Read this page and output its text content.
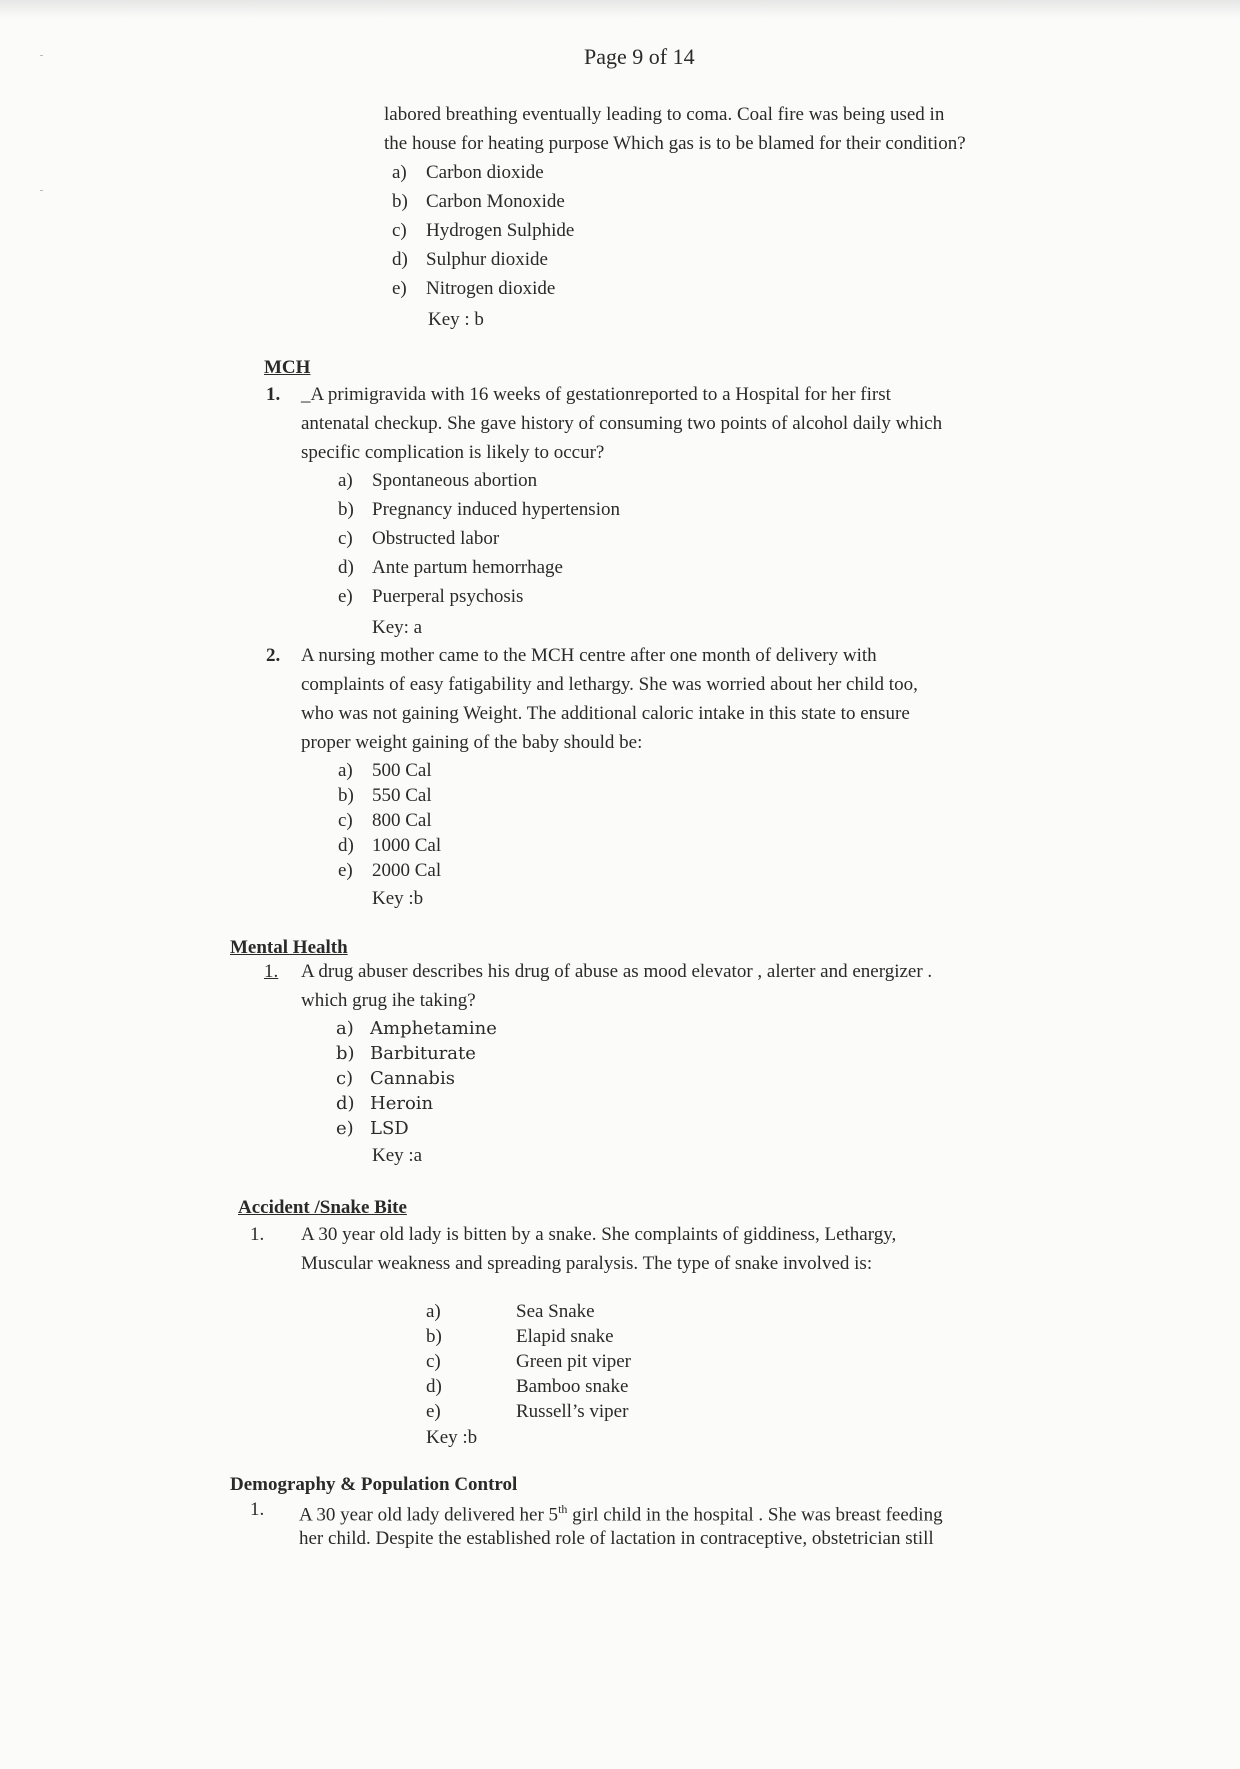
Page 9 of 14
labored breathing eventually leading to coma. Coal fire was being used in
the house for heating purpose Which gas is to be blamed for their condition?
a) Carbon dioxide
b) Carbon Monoxide
c) Hydrogen Sulphide
d) Sulphur dioxide
e) Nitrogen dioxide
Key : b
MCH
1. _A primigravida with 16 weeks of gestationreported to a Hospital for her first
antenatal checkup. She gave history of consuming two points of alcohol daily which
specific complication is likely to occur?
a) Spontaneous abortion
b) Pregnancy induced hypertension
c) Obstructed labor
d) Ante partum hemorrhage
e) Puerperal psychosis
Key: a
2. A nursing mother came to the MCH centre after one month of delivery with
complaints of easy fatigability and lethargy. She was worried about her child too,
who was not gaining Weight. The additional caloric intake in this state to ensure
proper weight gaining of the baby should be:
a) 500 Cal
b) 550 Cal
c) 800 Cal
d) 1000 Cal
e) 2000 Cal
Key :b
Mental Health
1. A drug abuser describes his drug of abuse as mood elevator , alerter and energizer .
which grug ihe taking?
a) Amphetamine
b) Barbiturate
c) Cannabis
d) Heroin
e) LSD
Key :a
Accident /Snake Bite
1. A 30 year old lady is bitten by a snake. She complaints of giddiness, Lethargy,
Muscular weakness and spreading paralysis. The type of snake involved is:
a)	Sea Snake
b)	Elapid snake
c)	Green pit viper
d)	Bamboo snake
e)	Russell’s viper
Key :b
Demography & Population Control
1. A 30 year old lady delivered her 5th girl child in the hospital . She was breast feeding
her child. Despite the established role of lactation in contraceptive, obstetrician still
